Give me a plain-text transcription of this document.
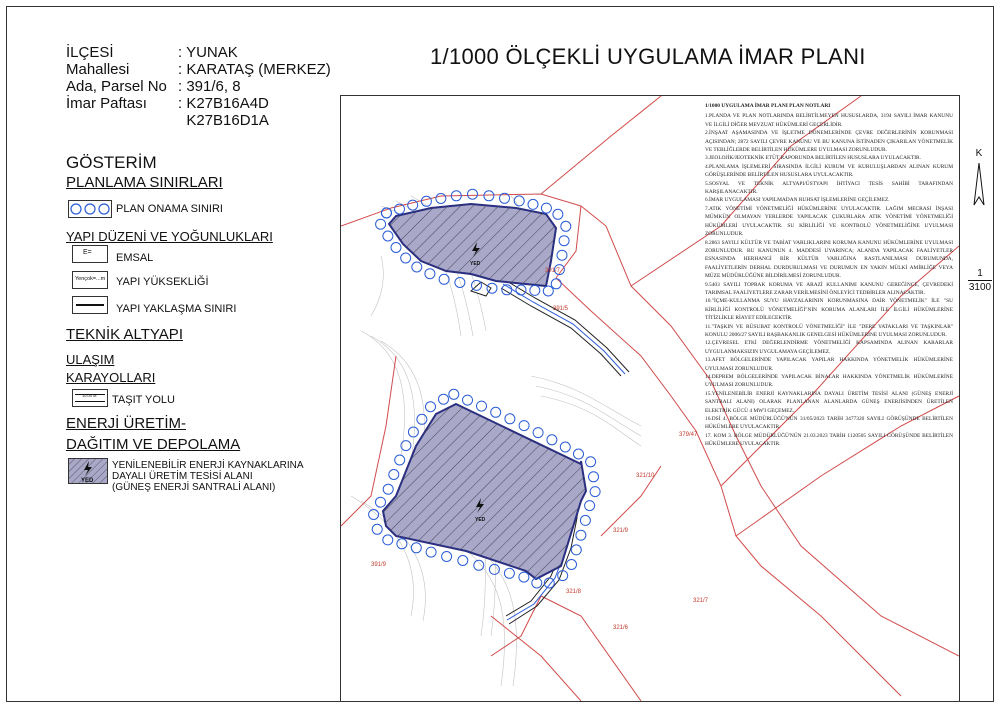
İLÇESİ	: YUNAK
Mahallesi	: KARATAŞ (MERKEZ)
Ada, Parsel No : 391/6, 8
İmar Paftası	: K27B16A4D
K27B16D1A
1/1000 ÖLÇEKLİ UYGULAMA İMAR PLANI
GÖSTERİM
PLANLAMA SINIRLARI
PLAN ONAMA SINIRI
YAPI DÜZENİ VE YOĞUNLUKLARI
E= EMSAL
Yençok=...m YAPI YÜKSEKLİĞİ
YAPI YAKLAŞMA SINIRI
TEKNİK ALTYAPI
ULAŞIM
KARAYOLLARI
10.00 M TAŞIT YOLU
ENERJİ ÜRETİM-
DAĞITIM VE DEPOLAMA
YED
YENİLENEBİLİR ENERJİ KAYNAKLARINA
DAYALI ÜRETİM TESİSİ ALANI
(GÜNEŞ ENERJİ SANTRALİ ALANI)
K
1
3100
YED
YED
391/7
391/5
379/47
321/10
321/9
391/9
321/8
321/6
321/7
1/1000 UYGULAMA İMAR PLANI PLAN NOTLARI

1.PLANDA VE PLAN NOTLARINDA BELİRTİLMEYEN HUSUSLARDA, 3194 SAYILI İMAR KANUNU VE İLGİLİ DİĞER MEVZUAT HÜKÜMLERİ GEÇERLİDİR.

2.İNŞAAT AŞAMASINDA VE İŞLETME DÖNEMLERİNDE ÇEVRE DEĞERLERİNİN KORUNMASI AÇISINDAN; 2872 SAYILI ÇEVRE KANUNU VE BU KANUNA İSTİNADEN ÇIKARILAN YÖNETMELİK VE TEBLİĞLERDE BELİRTİLEN HÜKÜMLERE UYULMASI ZORUNLUDUR.

3.JEOLOJİK/JEOTEKNİK ETÜT RAPORUNDA BELİRTİLEN HUSUSLARA UYULACAKTIR.

4.PLANLAMA İŞLEMLERİ SIRASINDA İLGİLİ KURUM VE KURULUŞLARDAN ALINAN KURUM GÖRÜŞLERİNDE BELİRTİLEN HUSUSLARA UYULACAKTIR.

5.SOSYAL VE TEKNİK ALTYAPI/ÜSTYAPI İHTİYACI TESİS SAHİBİ TARAFINDAN KARŞILANACAKTIR.

6.İMAR UYGULAMASI YAPILMADAN RUHSAT İŞLEMLERİNE GEÇİLEMEZ.

7.ATIK YÖNETİMİ YÖNETMELİĞİ HÜKÜMLERİNE UYULACAKTIR. LAĞIM MECRASI İNŞASI MÜMKÜN OLMAYAN YERLERDE YAPILACAK ÇUKURLARA ATIK YÖNETİMİ YÖNETMELİĞİ HÜKÜMLERİ UYULACAKTIR. SU KİRLİLİĞİ VE KONTROLÜ YÖNETMELİĞİNE UYULMASI ZORUNLUDUR.

8.2863 SAYILI KÜLTÜR VE TABİAT VARLIKLARINI KORUMA KANUNU HÜKÜMLERİNE UYULMASI ZORUNLUDUR. BU KANUNUN 4. MADDESİ UYARINCA; ALANDA YAPILACAK FAALİYETLER ESNASINDA HERHANGİ BİR KÜLTÜR VARLIĞINA RASTLANILMASI DURUMUNDA, FAALİYETLERİN DERHAL DURDURULMASI VE DURUMUN EN YAKIN MÜLKİ AMİRLİĞE VEYA MÜZE MÜDÜRLÜĞÜNE BİLDİRİLMESİ ZORUNLUDUR.

9.5403 SAYILI TOPRAK KORUMA VE ARAZİ KULLANIMI KANUNU GEREĞİNCE, ÇEVREDEKİ TARIMSAL FAALİYETLERE ZARAR VERİLMESİNİ ÖNLEYİCİ TEDBİRLER ALINACAKTIR.

10."İÇME-KULLANMA SUYU HAVZALARININ KORUNMASINA DAİR YÖNETMELİK" İLE "SU KİRLİLİĞİ KONTROLÜ YÖNETMELİĞİ"NİN KORUMA ALANLARI İLE İLGİLİ HÜKÜMLERİNE TİTİZLİKLE RİAYET EDİLECEKTİR.

11."TAŞKIN VE RÜSUBAT KONTROLÜ YÖNETMELİĞİ" İLE "DERE YATAKLARI VE TAŞKINLAR" KONULU 2006/27 SAYILI BAŞBAKANLIK GENELGESİ HÜKÜMLERİNE UYULMASI ZORUNLUDUR.

12.ÇEVRESEL ETKİ DEĞERLENDİRME YÖNETMELİĞİ KAPSAMINDA ALINAN KARARLAR UYGULANMAKSIZIN UYGULAMAYA GEÇİLEMEZ.

13.AFET BÖLGELERİNDE YAPILACAK YAPILAR HAKKINDA YÖNETMELİK HÜKÜMLERİNE UYULMASI ZORUNLUDUR.

14.DEPREM BÖLGELERİNDE YAPILACAK BİNALAR HAKKINDA YÖNETMELİK HÜKÜMLERİNE UYULMASI ZORUNLUDUR.

15.YENİLENEBİLİR ENERJİ KAYNAKLARINA DAYALI ÜRETİM TESİSİ ALANI (GÜNEŞ ENERJİ SANTRALI ALANI) OLARAK PLANLANAN ALANLARDA GÜNEŞ ENERJİSİNDEN ÜRETİLEN ELEKTRİK GÜCÜ 4 MW'I GEÇEMEZ.

16.DSİ 4. BÖLGE MÜDÜRLÜĞÜ'NÜN 31/05/2023 TARİH 3477320 SAYILI GÖRÜŞÜNDE BELİRTİLEN HÜKÜMLERE UYULACAKTIR.

17. KOM 3. BÖLGE MÜDÜRLÜĞÜ'NÜN 21.03.2023 TARİH 1120505 SAYILI GÖRÜŞÜNDE BELİRTİLEN HÜKÜMLERE UYULACAKTIR.
